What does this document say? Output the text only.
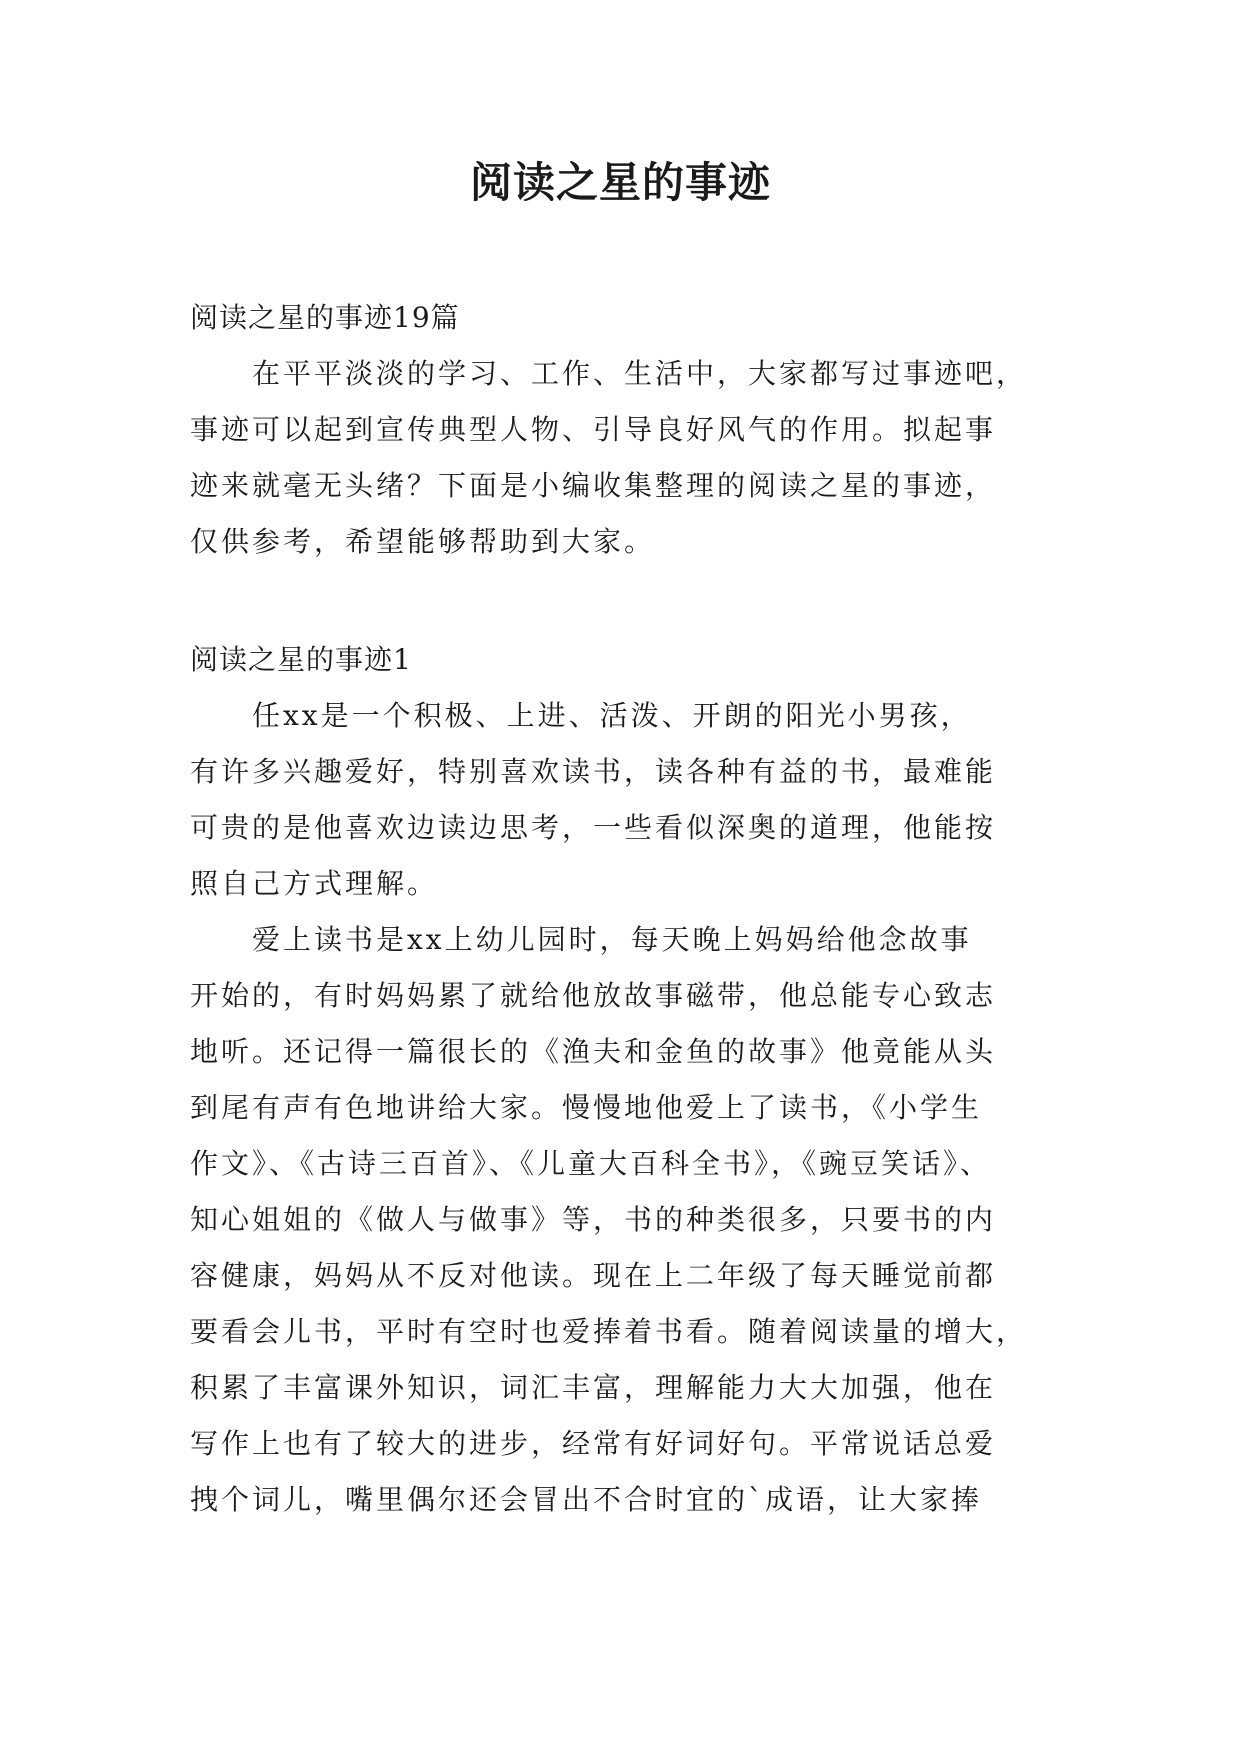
阅读之星的事迹

阅读之星的事迹19篇

　　在平平淡淡的学习、工作、生活中，大家都写过事迹吧，

事迹可以起到宣传典型人物、引导良好风气的作用。拟起事

迹来就毫无头绪？下面是小编收集整理的阅读之星的事迹，

仅供参考，希望能够帮助到大家。

阅读之星的事迹1

　　任xx是一个积极、上进、活泼、开朗的阳光小男孩，

有许多兴趣爱好，特别喜欢读书，读各种有益的书，最难能

可贵的是他喜欢边读边思考，一些看似深奥的道理，他能按

照自己方式理解。

　　爱上读书是xx上幼儿园时，每天晚上妈妈给他念故事

开始的，有时妈妈累了就给他放故事磁带，他总能专心致志

地听。还记得一篇很长的《渔夫和金鱼的故事》他竟能从头

到尾有声有色地讲给大家。慢慢地他爱上了读书，《小学生

作文》、《古诗三百首》、《儿童大百科全书》，《豌豆笑话》、

知心姐姐的《做人与做事》等，书的种类很多，只要书的内

容健康，妈妈从不反对他读。现在上二年级了每天睡觉前都

要看会儿书，平时有空时也爱捧着书看。随着阅读量的增大，

积累了丰富课外知识，词汇丰富，理解能力大大加强，他在

写作上也有了较大的进步，经常有好词好句。平常说话总爱

拽个词儿，嘴里偶尔还会冒出不合时宜的`成语，让大家捧
